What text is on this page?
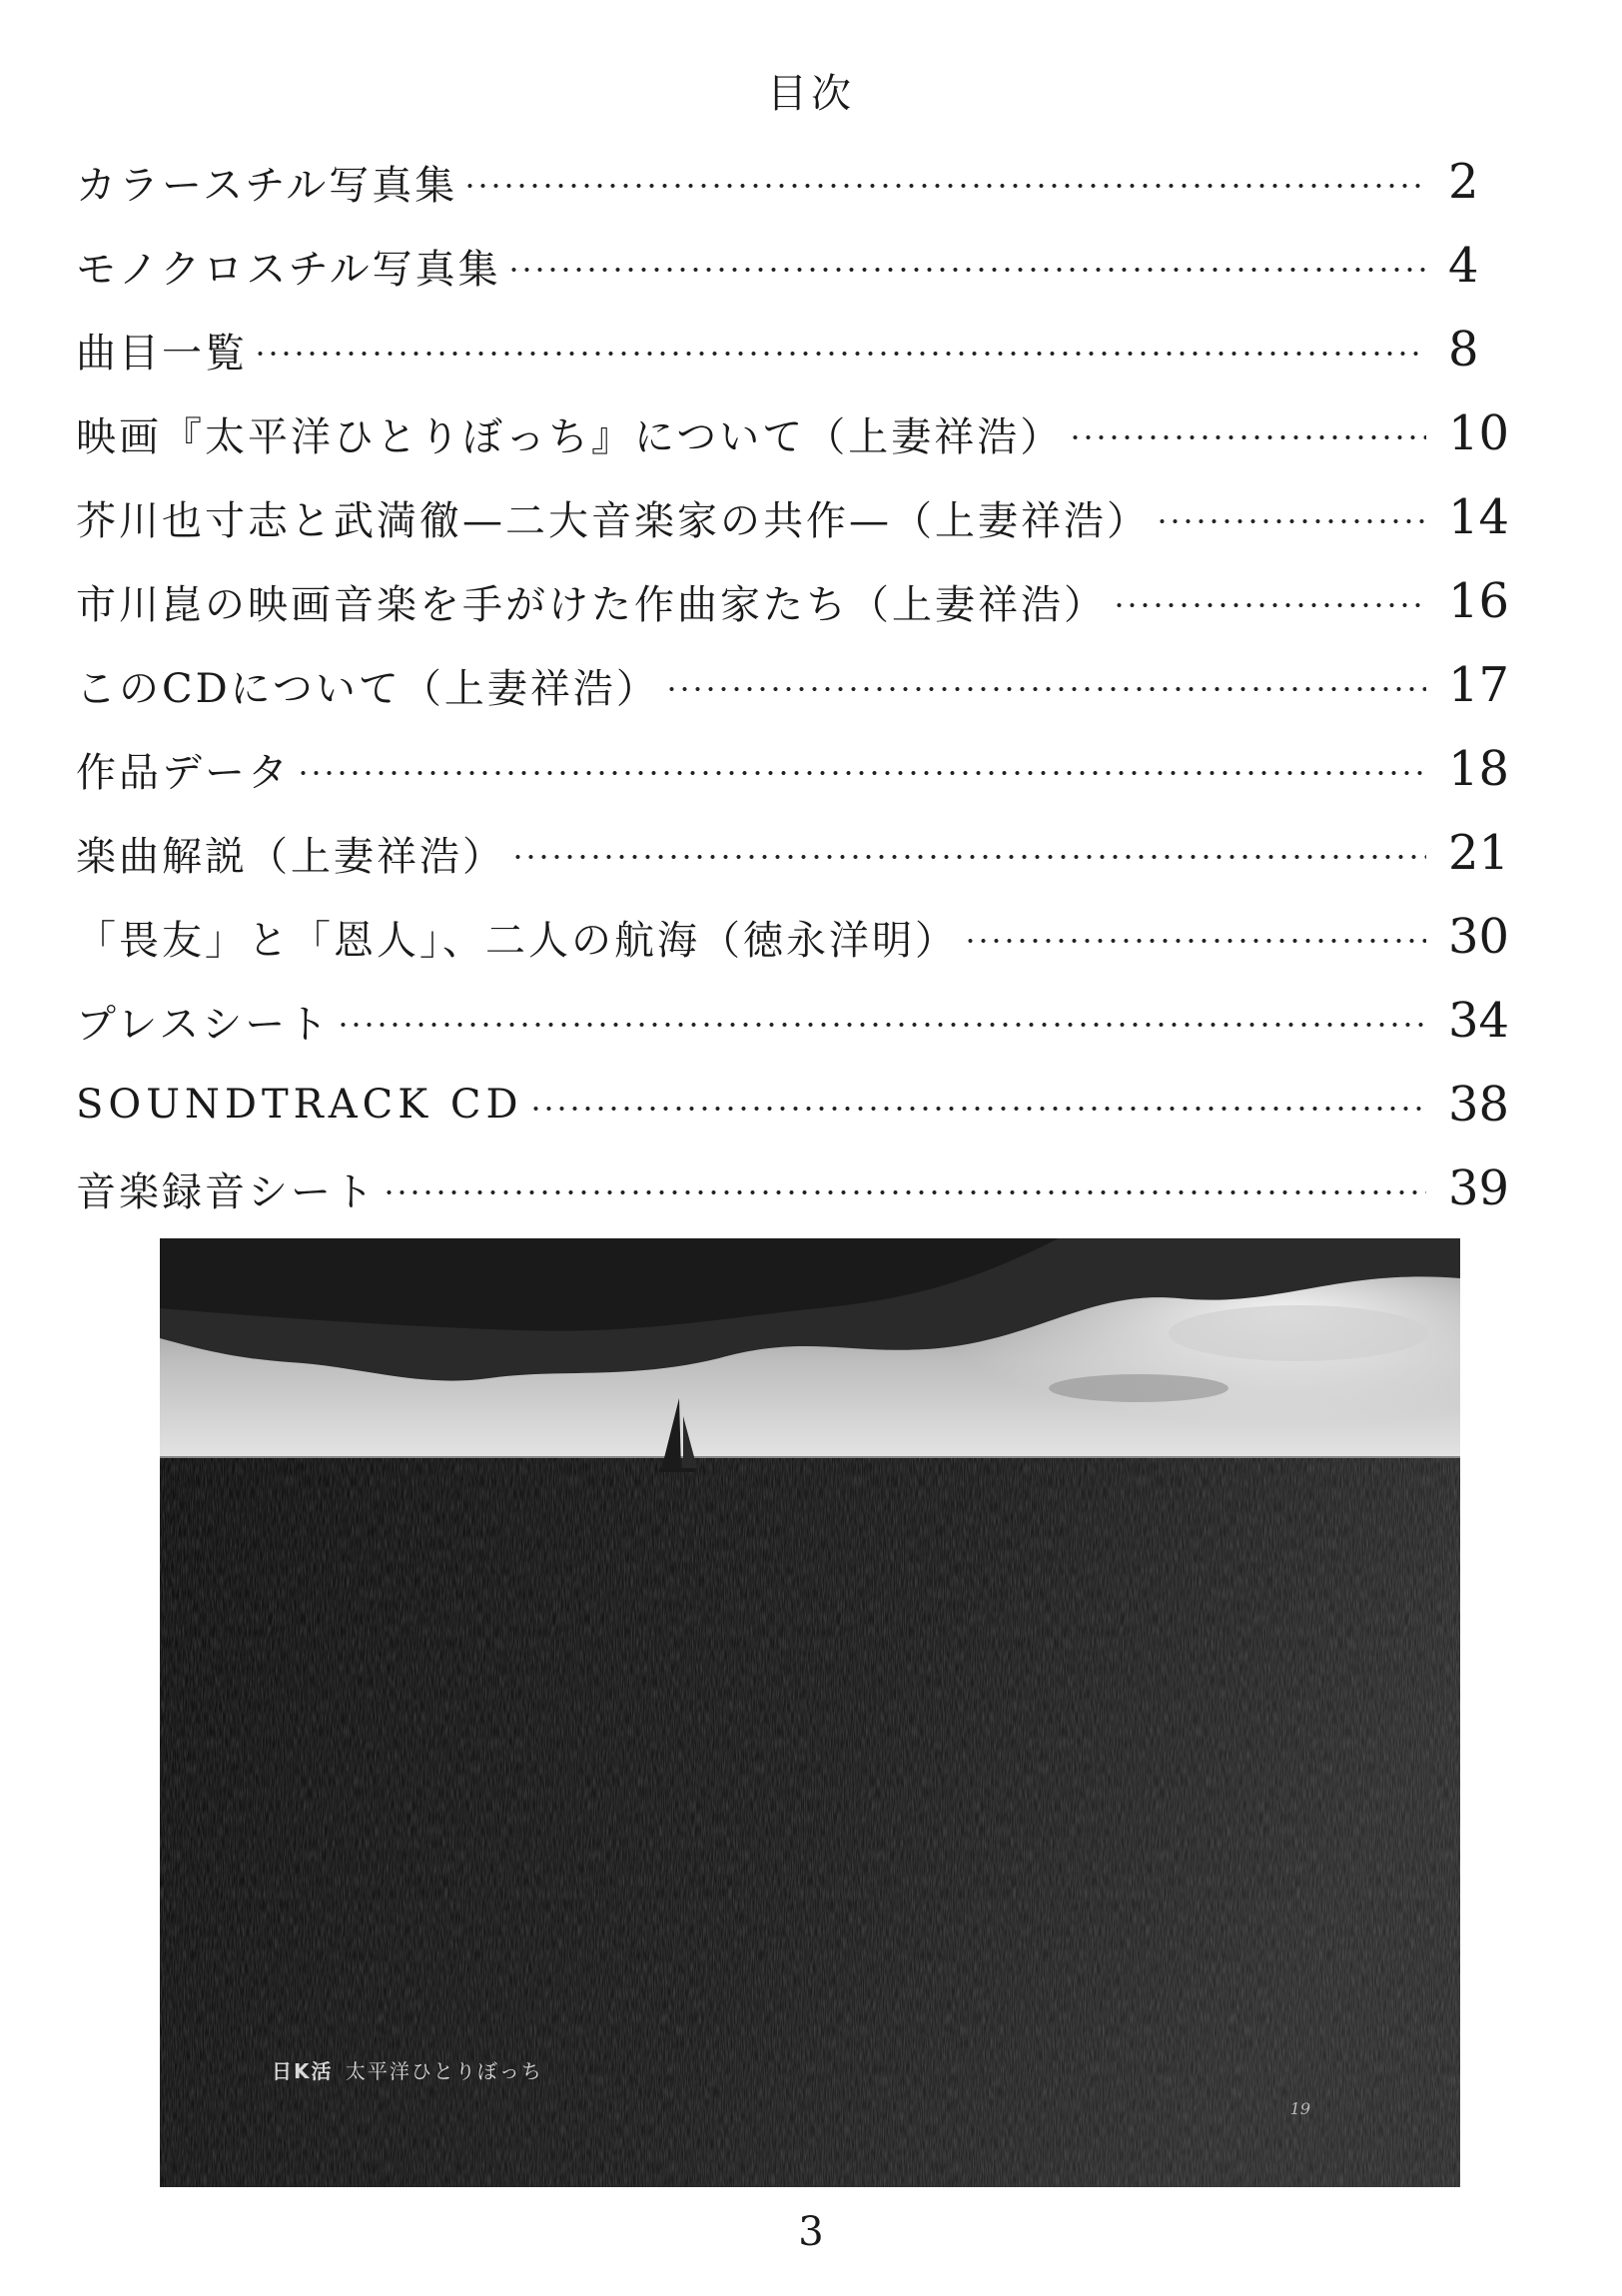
目次
カラースチル写真集	2
モノクロスチル写真集	4
曲目一覧	8
映画『太平洋ひとりぼっち』について（上妻祥浩）	10
芥川也寸志と武満徹—二大音楽家の共作—（上妻祥浩）	14
市川崑の映画音楽を手がけた作曲家たち（上妻祥浩）	16
このCDについて（上妻祥浩）	17
作品データ	18
楽曲解説（上妻祥浩）	21
「畏友」と「恩人」、二人の航海（徳永洋明）	30
プレスシート	34
SOUNDTRACK CD	38
音楽録音シート	39
日K活 太平洋ひとりぼっち
19
3
